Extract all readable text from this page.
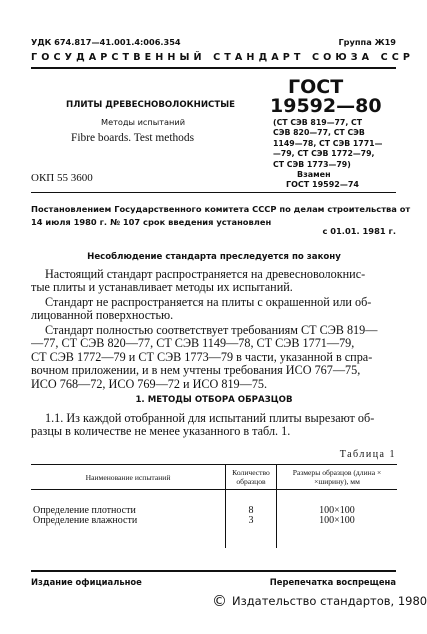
УДК 674.817—41.001.4:006.354	Группа Ж19
ГОСУДАРСТВЕННЫЙ СТАНДАРТ СОЮЗА ССР
ПЛИТЫ ДРЕВЕСНОВОЛОКНИСТЫЕ
Методы испытаний
Fibre boards. Test methods
ОКП 55 3600
ГОСТ
19592—80
(СТ СЭВ 819—77, СТ
СЭВ 820—77, СТ СЭВ
1149—78, СТ СЭВ 1771—
—79, СТ СЭВ 1772—79,
СТ СЭВ 1773—79)
Взамен
ГОСТ 19592—74
Постановлением Государственного комитета СССР по делам строительства от
14 июля 1980 г. № 107 срок введения установлен
с 01.01. 1981 г.
Несоблюдение стандарта преследуется по закону
Настоящий стандарт распространяется на древесноволокнис-
тые плиты и устанавливает методы их испытаний.
Стандарт не распространяется на плиты с окрашенной или об-
лицованной поверхностью.
Стандарт полностью соответствует требованиям СТ СЭВ 819—
—77, СТ СЭВ 820—77, СТ СЭВ 1149—78, СТ СЭВ 1771—79,
СТ СЭВ 1772—79 и СТ СЭВ 1773—79 в части, указанной в спра-
вочном приложении, и в нем учтены требования ИСО 767—75,
ИСО 768—72, ИСО 769—72 и ИСО 819—75.
1. МЕТОДЫ ОТБОРА ОБРАЗЦОВ
1.1. Из каждой отобранной для испытаний плиты вырезают об-
разцы в количестве не менее указанного в табл. 1.
Таблица 1
Наименование испытаний	Количество образцов	Размеры образцов (длина × ×ширину), мм
Определение плотности	8	100×100
Определение влажности	3	100×100
Издание официальное	Перепечатка воспрещена
© Издательство стандартов, 1980
